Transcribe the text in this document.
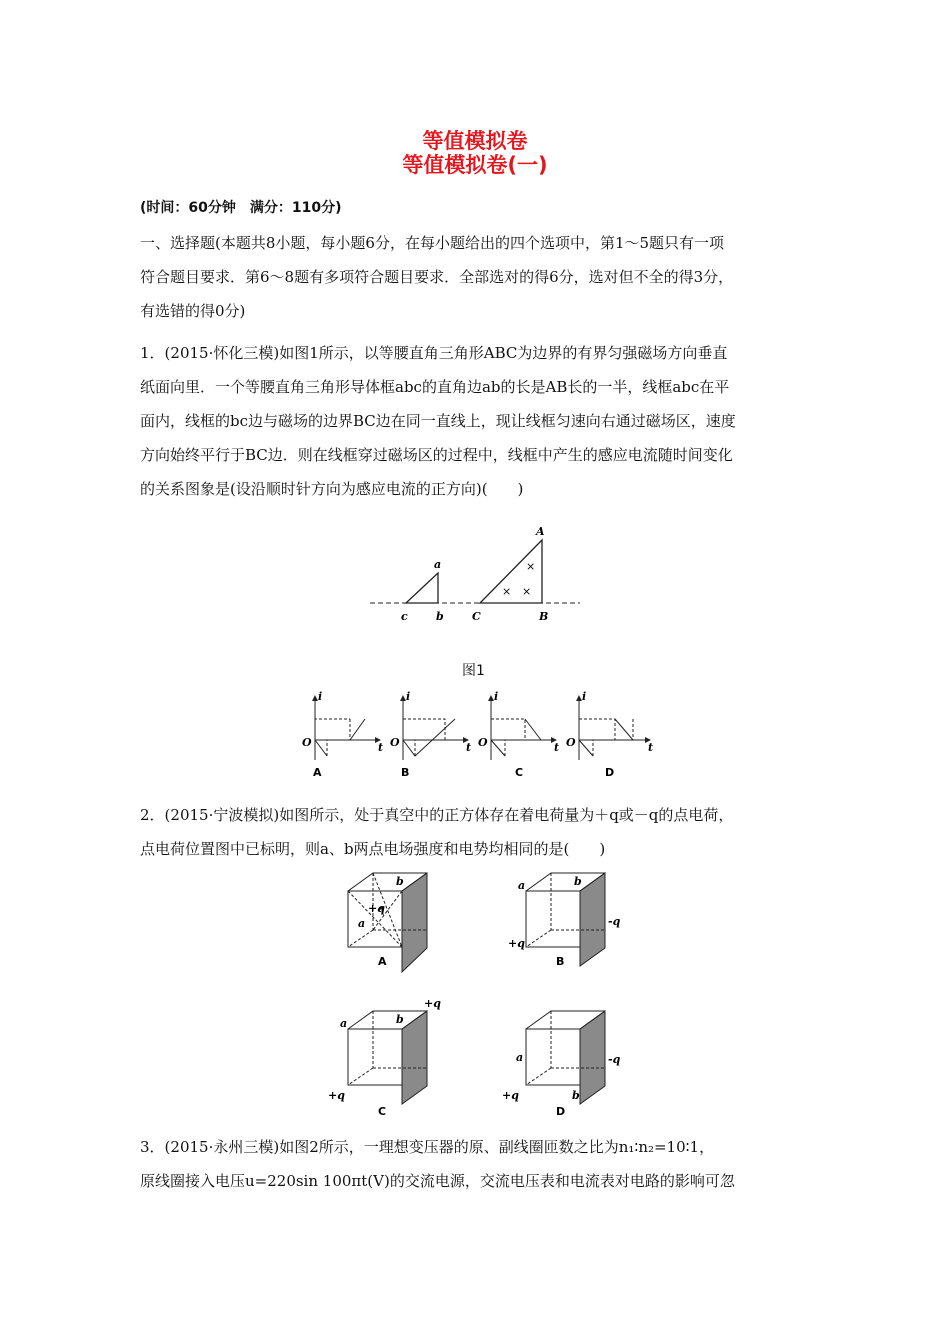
等值模拟卷
等值模拟卷(一)
(时间：60分钟　满分：110分)
一、选择题(本题共8小题，每小题6分，在每小题给出的四个选项中，第1～5题只有一项
符合题目要求．第6～8题有多项符合题目要求．全部选对的得6分，选对但不全的得3分，
有选错的得0分)
1．(2015·怀化三模)如图1所示，以等腰直角三角形ABC为边界的有界匀强磁场方向垂直
纸面向里．一个等腰直角三角形导体框abc的直角边ab的长是AB长的一半，线框abc在平
面内，线框的bc边与磁场的边界BC边在同一直线上，现让线框匀速向右通过磁场区，速度
方向始终平行于BC边．则在线框穿过磁场区的过程中，线框中产生的感应电流随时间变化
的关系图象是(设沿顺时针方向为感应电流的正方向)(　　)
a
b
c
A
B
C
×
× ×
图1
i
t
O
A
i
t
O
B
i
t
O
C
i
t
O
D
2．(2015·宁波模拟)如图所示，处于真空中的正方体存在着电荷量为＋q或－q的点电荷，
点电荷位置图中已标明，则a、b两点电场强度和电势均相同的是(　　)
b
+q
a
A
a	b
-q
+q
B
a	b
+q
+q
C
a	-q
+q	b
D
3．(2015·永州三模)如图2所示，一理想变压器的原、副线圈匝数之比为n₁∶n₂=10∶1，
原线圈接入电压u=220sin 100πt(V)的交流电源，交流电压表和电流表对电路的影响可忽
